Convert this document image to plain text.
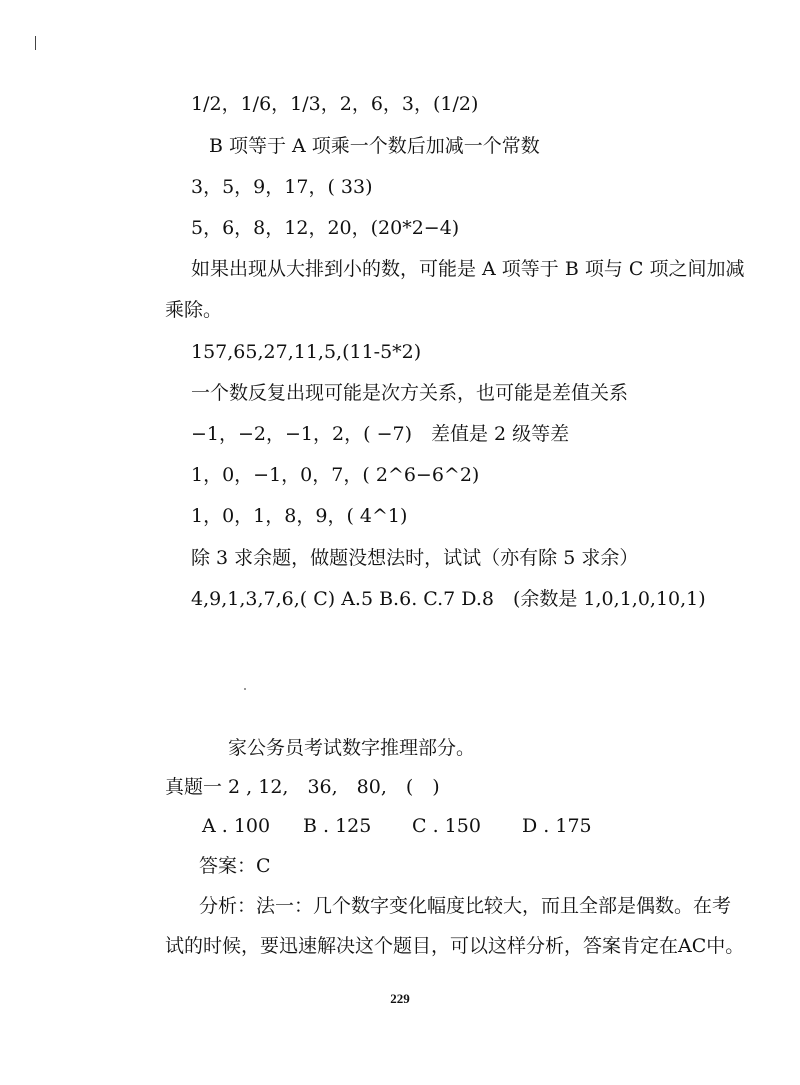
1/2，1/6，1/3，2，6，3，(1/2)
B 项等于 A 项乘一个数后加减一个常数
3，5，9，17，( 33)
5，6，8，12，20，(20*2−4)
如果出现从大排到小的数，可能是 A 项等于 B 项与 C 项之间加减
乘除。
157,65,27,11,5,(11-5*2)
一个数反复出现可能是次方关系，也可能是差值关系
−1，−2，−1，2，( −7)　差值是 2 级等差
1，0，−1，0，7，( 2^6−6^2)
1，0，1，8，9，( 4^1)
除 3 求余题，做题没想法时，试试（亦有除 5 求余）
4,9,1,3,7,6,( C) A.5 B.6. C.7 D.8　(余数是 1,0,1,0,10,1)
家公务员考试数字推理部分。
真题一 2 , 12,　36,　80,　(　)
A . 100 B . 125 C . 150 D . 175
答案：C
分析：法一：几个数字变化幅度比较大，而且全部是偶数。在考
试的时候，要迅速解决这个题目，可以这样分析，答案肯定在AC中。
229
